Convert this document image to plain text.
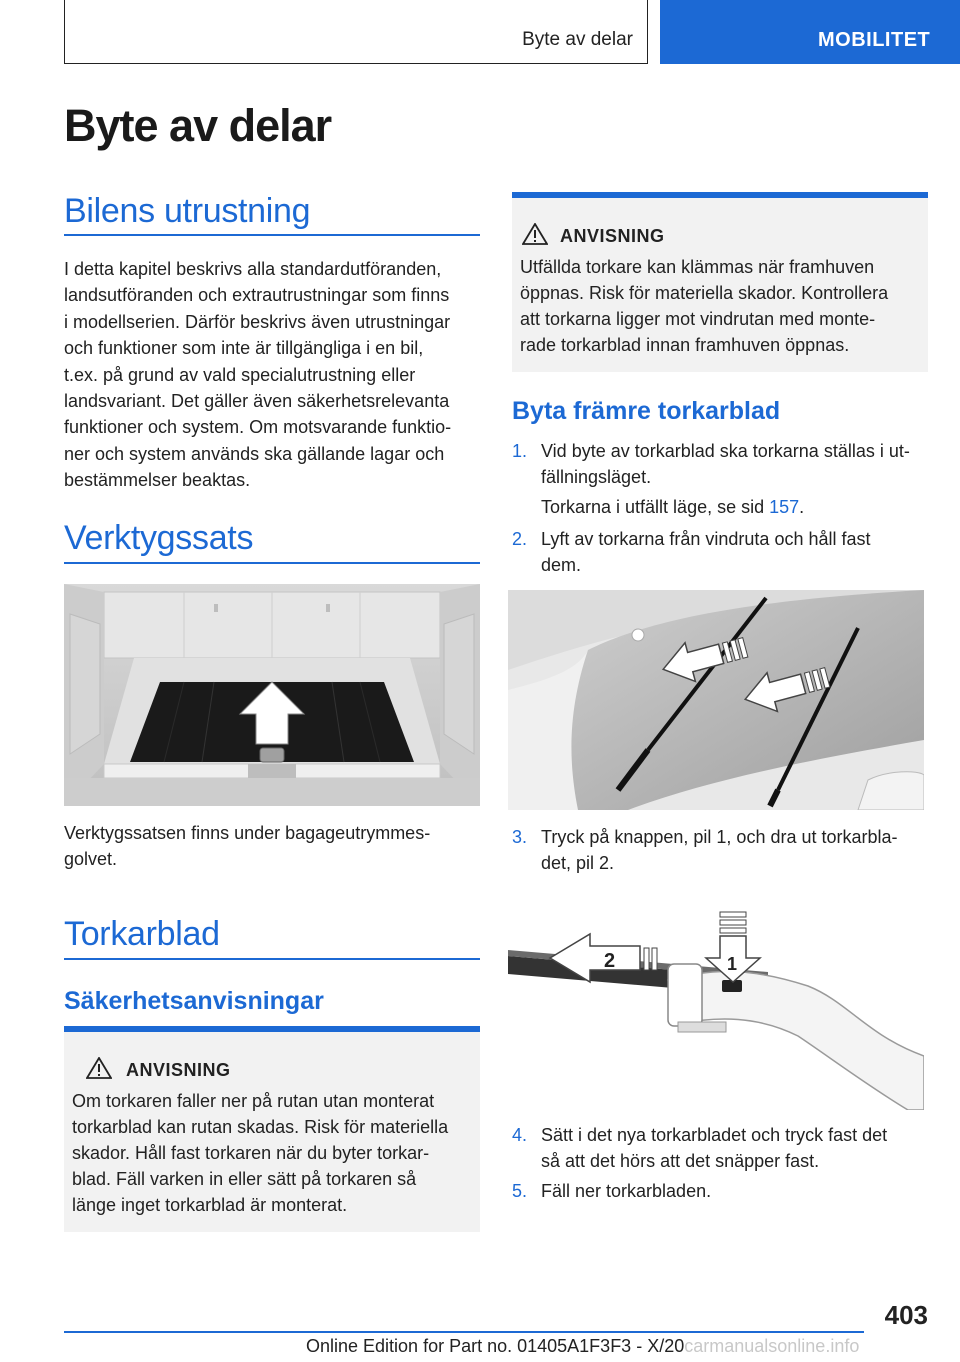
Byte av delar	MOBILITET
Byte av delar
Bilens utrustning

I detta kapitel beskrivs alla standardutföranden,
landsutföranden och extrautrustningar som finns
i modellserien. Därför beskrivs även utrustningar
och funktioner som inte är tillgängliga i en bil,
t.ex. på grund av vald specialutrustning eller
landsvariant. Det gäller även säkerhetsrelevanta
funktioner och system. Om motsvarande funktio-
ner och system används ska gällande lagar och
bestämmelser beaktas.

Verktygssats

Verktygssatsen finns under bagageutrymmes-
golvet.

Torkarblad
Säkerhetsanvisningar
ANVISNING

Om torkaren faller ner på rutan utan monterat
torkarblad kan rutan skadas. Risk för materiella
skador. Håll fast torkaren när du byter torkar-
blad. Fäll varken in eller sätt på torkaren så
länge inget torkarblad är monterat.

ANVISNING

Utfällda torkare kan klämmas när framhuven
öppnas. Risk för materiella skador. Kontrollera
att torkarna ligger mot vindrutan med monte-
rade torkarblad innan framhuven öppnas.

Byta främre torkarblad
1. Vid byte av torkarblad ska torkarna ställas i ut-
fällningsläget.
Torkarna i utfällt läge, se sid 157.
2. Lyft av torkarna från vindruta och håll fast
dem.
3. Tryck på knappen, pil 1, och dra ut torkarbla-
det, pil 2.
2	1
4. Sätt i det nya torkarbladet och tryck fast det
så att det hörs att det snäpper fast.
5. Fäll ner torkarbladen.
403
Online Edition for Part no. 01405A1F3F3 - X/20carmanualsonline.info
